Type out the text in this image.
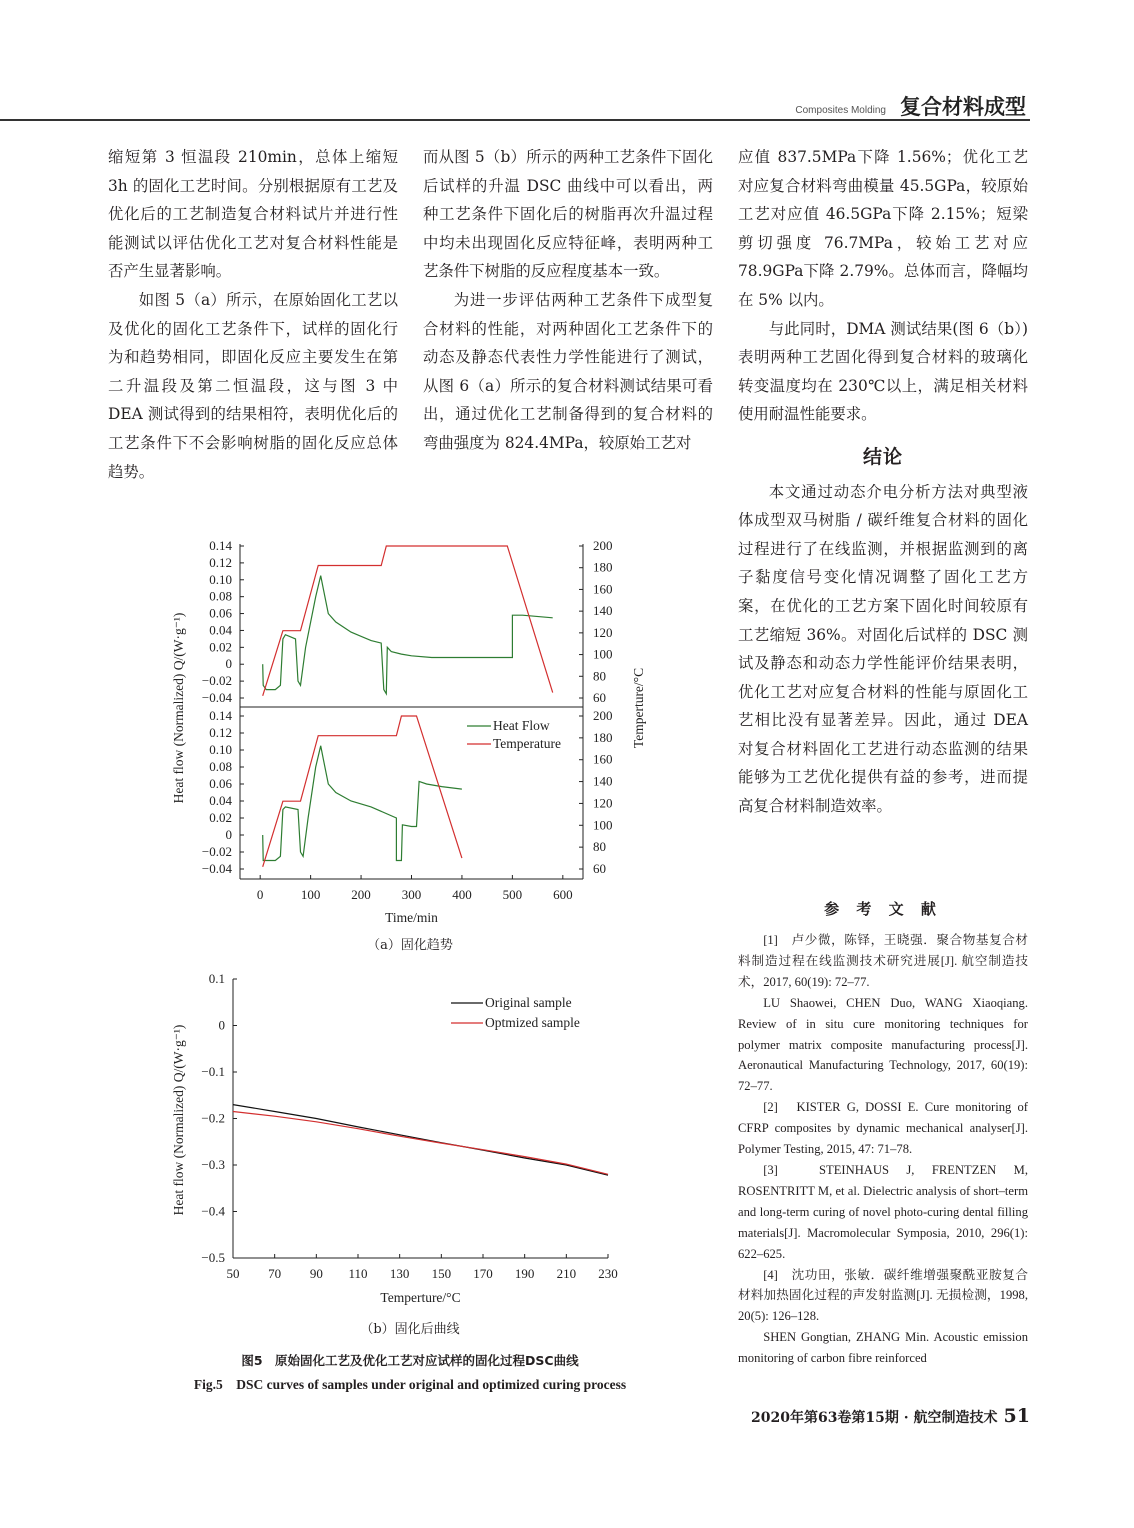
Composites Molding 复合材料成型

缩短第 3 恒温段 210min，总体上缩短 3h 的固化工艺时间。分别根据原有工艺及优化后的工艺制造复合材料试片并进行性能测试以评估优化工艺对复合材料性能是否产生显著影响。

如图 5（a）所示，在原始固化工艺以及优化的固化工艺条件下，试样的固化行为和趋势相同，即固化反应主要发生在第二升温段及第二恒温段，这与图 3 中 DEA 测试得到的结果相符，表明优化后的工艺条件下不会影响树脂的固化反应总体趋势。

而从图 5（b）所示的两种工艺条件下固化后试样的升温 DSC 曲线中可以看出，两种工艺条件下固化后的树脂再次升温过程中均未出现固化反应特征峰，表明两种工艺条件下树脂的反应程度基本一致。

为进一步评估两种工艺条件下成型复合材料的性能，对两种固化工艺条件下的动态及静态代表性力学性能进行了测试，从图 6（a）所示的复合材料测试结果可看出，通过优化工艺制备得到的复合材料的弯曲强度为 824.4MPa，较原始工艺对

应值 837.5MPa下降 1.56%；优化工艺对应复合材料弯曲模量 45.5GPa，较原始工艺对应值 46.5GPa下降 2.15%；短梁剪切强度 76.7MPa，较始工艺对应 78.9GPa下降 2.79%。总体而言，降幅均在 5% 以内。

与此同时，DMA 测试结果(图 6（b）)表明两种工艺固化得到复合材料的玻璃化转变温度均在 230℃以上，满足相关材料使用耐温性能要求。

结论

本文通过动态介电分析方法对典型液体成型双马树脂 / 碳纤维复合材料的固化过程进行了在线监测，并根据监测到的离子黏度信号变化情况调整了固化工艺方案，在优化的工艺方案下固化时间较原有工艺缩短 36%。对固化后试样的 DSC 测试及静态和动态力学性能评价结果表明，优化工艺对应复合材料的性能与原固化工艺相比没有显著差异。因此，通过 DEA 对复合材料固化工艺进行动态监测的结果能够为工艺优化提供有益的参考，进而提高复合材料制造效率。

参 考 文 献

[1]　卢少微，陈铎，王晓强．聚合物基复合材料制造过程在线监测技术研究进展[J]. 航空制造技术，2017, 60(19): 72–77.

LU Shaowei, CHEN Duo, WANG Xiaoqiang. Review of in situ cure monitoring techniques for polymer matrix composite manufacturing process[J]. Aeronautical Manufacturing Technology, 2017, 60(19): 72–77.

[2]　KISTER G, DOSSI E. Cure monitoring of CFRP composites by dynamic mechanical analyser[J]. Polymer Testing, 2015, 47: 71–78.

[3]　STEINHAUS J, FRENTZEN M, ROSENTRITT M, et al. Dielectric analysis of short–term and long-term curing of novel photo-curing dental filling materials[J]. Macromolecular Symposia, 2010, 296(1): 622–625.

[4]　沈功田，张敏．碳纤维增强聚酰亚胺复合材料加热固化过程的声发射监测[J]. 无损检测，1998, 20(5): 126–128.

SHEN Gongtian, ZHANG Min. Acoustic emission monitoring of carbon fibre reinforced

0.14
0.12
0.10
0.08
0.06
0.04
0.02
0
−0.02
−0.04
200
180
160
140
120
100
80
60
0.14
0.12
0.10
0.08
0.06
0.04
0.02
0
−0.02
−0.04
200
180
160
140
120
100
80
60
0	100 200 300 400 500 600
Time/min
Heat flow (Normalized) Q/(W·g⁻¹)	Temperture/°C
Heat Flow
Temperature
（a）固化趋势
0.1
0
−0.1
−0.2
−0.3
−0.4
−0.5
50 70 90 110 130 150 170 190 210 230
Temperture/°C
Heat flow (Normalized) Q/(W·g⁻¹)
Original sample
Optmized sample
（b）固化后曲线
图5　原始固化工艺及优化工艺对应试样的固化过程DSC曲线
Fig.5　DSC curves of samples under original and optimized curing process
2020年第63卷第15期 · 航空制造技术 51
